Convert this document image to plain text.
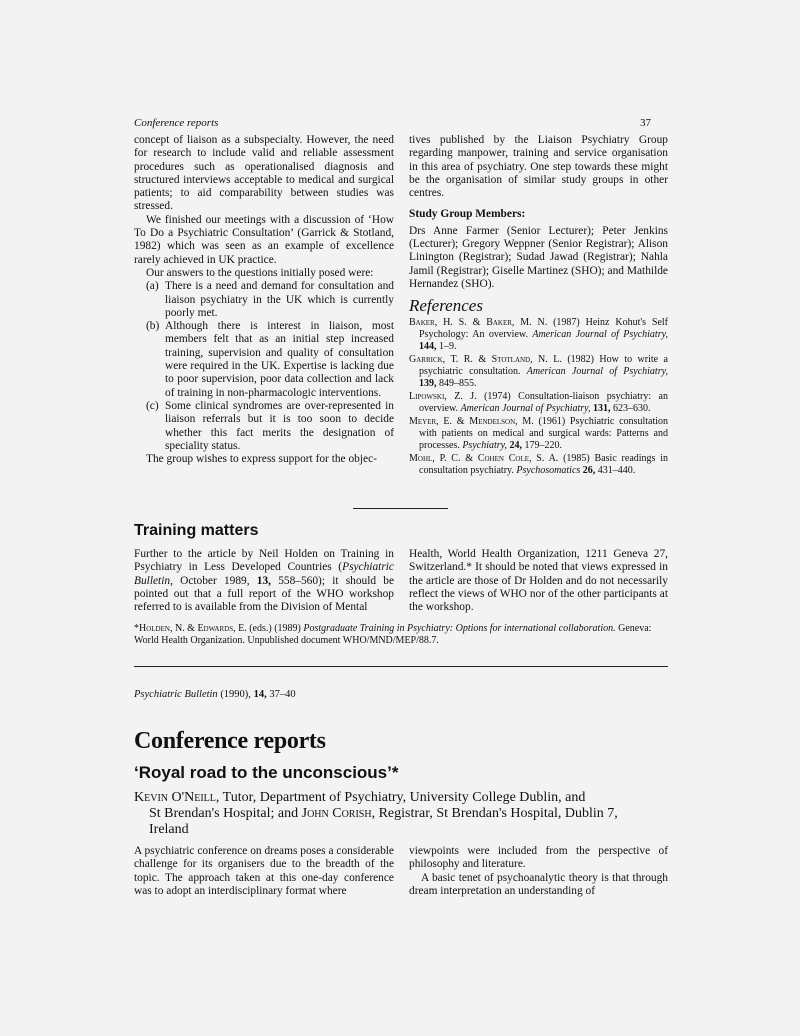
Conference reports	37

concept of liaison as a subspecialty. However, the need for research to include valid and reliable assessment procedures such as operationalised diagnosis and structured interviews acceptable to medical and surgical patients; to aid comparability between studies was stressed.

We finished our meetings with a discussion of ‘How To Do a Psychiatric Consultation’ (Garrick & Stotland, 1982) which was seen as an example of excellence rarely achieved in UK practice.

Our answers to the questions initially posed were:

(a) There is a need and demand for consultation and liaison psychiatry in the UK which is currently poorly met.
(b) Although there is interest in liaison, most members felt that as an initial step increased training, supervision and quality of consultation were required in the UK. Expertise is lacking due to poor supervision, poor data collection and lack of training in non-pharmacologic interventions.
(c) Some clinical syndromes are over-represented in liaison referrals but it is too soon to decide whether this fact merits the designation of speciality status.

The group wishes to express support for the objec-

tives published by the Liaison Psychiatry Group regarding manpower, training and service organisation in this area of psychiatry. One step towards these might be the organisation of similar study groups in other centres.

Study Group Members:

Drs Anne Farmer (Senior Lecturer); Peter Jenkins (Lecturer); Gregory Weppner (Senior Registrar); Alison Linington (Registrar); Sudad Jawad (Registrar); Nahla Jamil (Registrar); Giselle Martinez (SHO); and Mathilde Hernandez (SHO).

References
Baker, H. S. & Baker, M. N. (1987) Heinz Kohut's Self Psychology: An overview. American Journal of Psychiatry, 144, 1–9.
Garrick, T. R. & Stotland, N. L. (1982) How to write a psychiatric consultation. American Journal of Psychiatry, 139, 849–855.
Lipowski, Z. J. (1974) Consultation-liaison psychiatry: an overview. American Journal of Psychiatry, 131, 623–630.
Meyer, E. & Mendelson, M. (1961) Psychiatric consultation with patients on medical and surgical wards: Patterns and processes. Psychiatry, 24, 179–220.
Mohl, P. C. & Cohen Cole, S. A. (1985) Basic readings in consultation psychiatry. Psychosomatics 26, 431–440.
Training matters

Further to the article by Neil Holden on Training in Psychiatry in Less Developed Countries (Psychiatric Bulletin, October 1989, 13, 558–560); it should be pointed out that a full report of the WHO workshop referred to is available from the Division of Mental

Health, World Health Organization, 1211 Geneva 27, Switzerland.* It should be noted that views expressed in the article are those of Dr Holden and do not necessarily reflect the views of WHO nor of the other participants at the workshop.

*Holden, N. & Edwards, E. (eds.) (1989) Postgraduate Training in Psychiatry: Options for international collaboration. Geneva: World Health Organization. Unpublished document WHO/MND/MEP/88.7.
Psychiatric Bulletin (1990), 14, 37–40
Conference reports
‘Royal road to the unconscious’*
Kevin O'Neill, Tutor, Department of Psychiatry, University College Dublin, and
St Brendan's Hospital; and John Corish, Registrar, St Brendan's Hospital, Dublin 7,
Ireland

A psychiatric conference on dreams poses a considerable challenge for its organisers due to the breadth of the topic. The approach taken at this one-day conference was to adopt an interdisciplinary format where

viewpoints were included from the perspective of philosophy and literature.

A basic tenet of psychoanalytic theory is that through dream interpretation an understanding of
